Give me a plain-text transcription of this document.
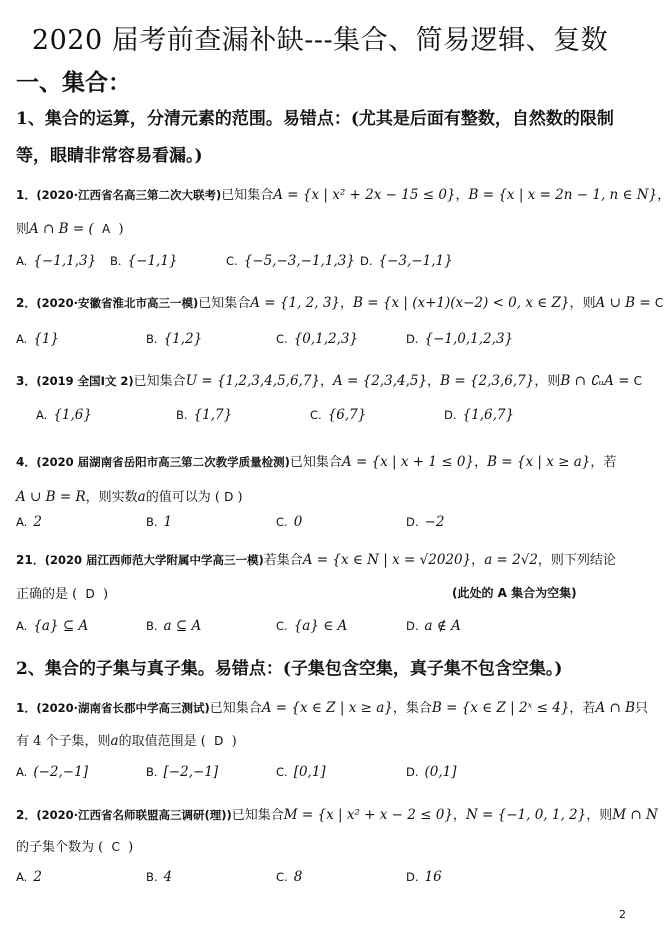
2020 届考前查漏补缺---集合、简易逻辑、复数
一、集合：
1、集合的运算，分清元素的范围。易错点：(尤其是后面有整数，自然数的限制
等，眼睛非常容易看漏。)
1．(2020·江西省名高三第二次大联考)已知集合A = {x | x² + 2x − 15 ≤ 0}，B = {x | x = 2n − 1, n ∈ N}，
则A ∩ B = ( A )
A. {−1,1,3} B. {−1,1}	C. {−5,−3,−1,1,3} D. {−3,−1,1}
2．(2020·安徽省淮北市高三一模)已知集合A = {1, 2, 3}，B = {x | (x+1)(x−2) < 0, x ∈ Z}，则A ∪ B = C
A. {1}	B. {1,2}	C. {0,1,2,3}	D. {−1,0,1,2,3}
3．(2019 全国Ⅰ文 2)已知集合U = {1,2,3,4,5,6,7}，A = {2,3,4,5}，B = {2,3,6,7}，则B ∩ ∁ᵤA = C
A. {1,6}	B. {1,7}	C. {6,7}	D. {1,6,7}
4．(2020 届湖南省岳阳市高三第二次教学质量检测)已知集合A = {x | x + 1 ≤ 0}，B = {x | x ≥ a}，若
A ∪ B = R，则实数a的值可以为 ( D )
A. 2	B. 1	C. 0	D. −2
21．(2020 届江西师范大学附属中学高三一模)若集合A = {x ∈ N | x = √2020}，a = 2√2，则下列结论
正确的是 ( D )	(此处的 A 集合为空集)
A. {a} ⊆ A	B. a ⊆ A	C. {a} ∈ A	D. a ∉ A
2、集合的子集与真子集。易错点：(子集包含空集，真子集不包含空集。)
1．(2020·湖南省长郡中学高三测试)已知集合A = {x ∈ Z | x ≥ a}，集合B = {x ∈ Z | 2ˣ ≤ 4}，若A ∩ B只
有 4 个子集，则a的取值范围是 ( D )
A. (−2,−1]	B. [−2,−1]	C. [0,1]	D. (0,1]
2．(2020·江西省名师联盟高三调研(理))已知集合M = {x | x² + x − 2 ≤ 0}，N = {−1, 0, 1, 2}，则M ∩ N
的子集个数为 ( C )
A. 2	B. 4	C. 8	D. 16
2
